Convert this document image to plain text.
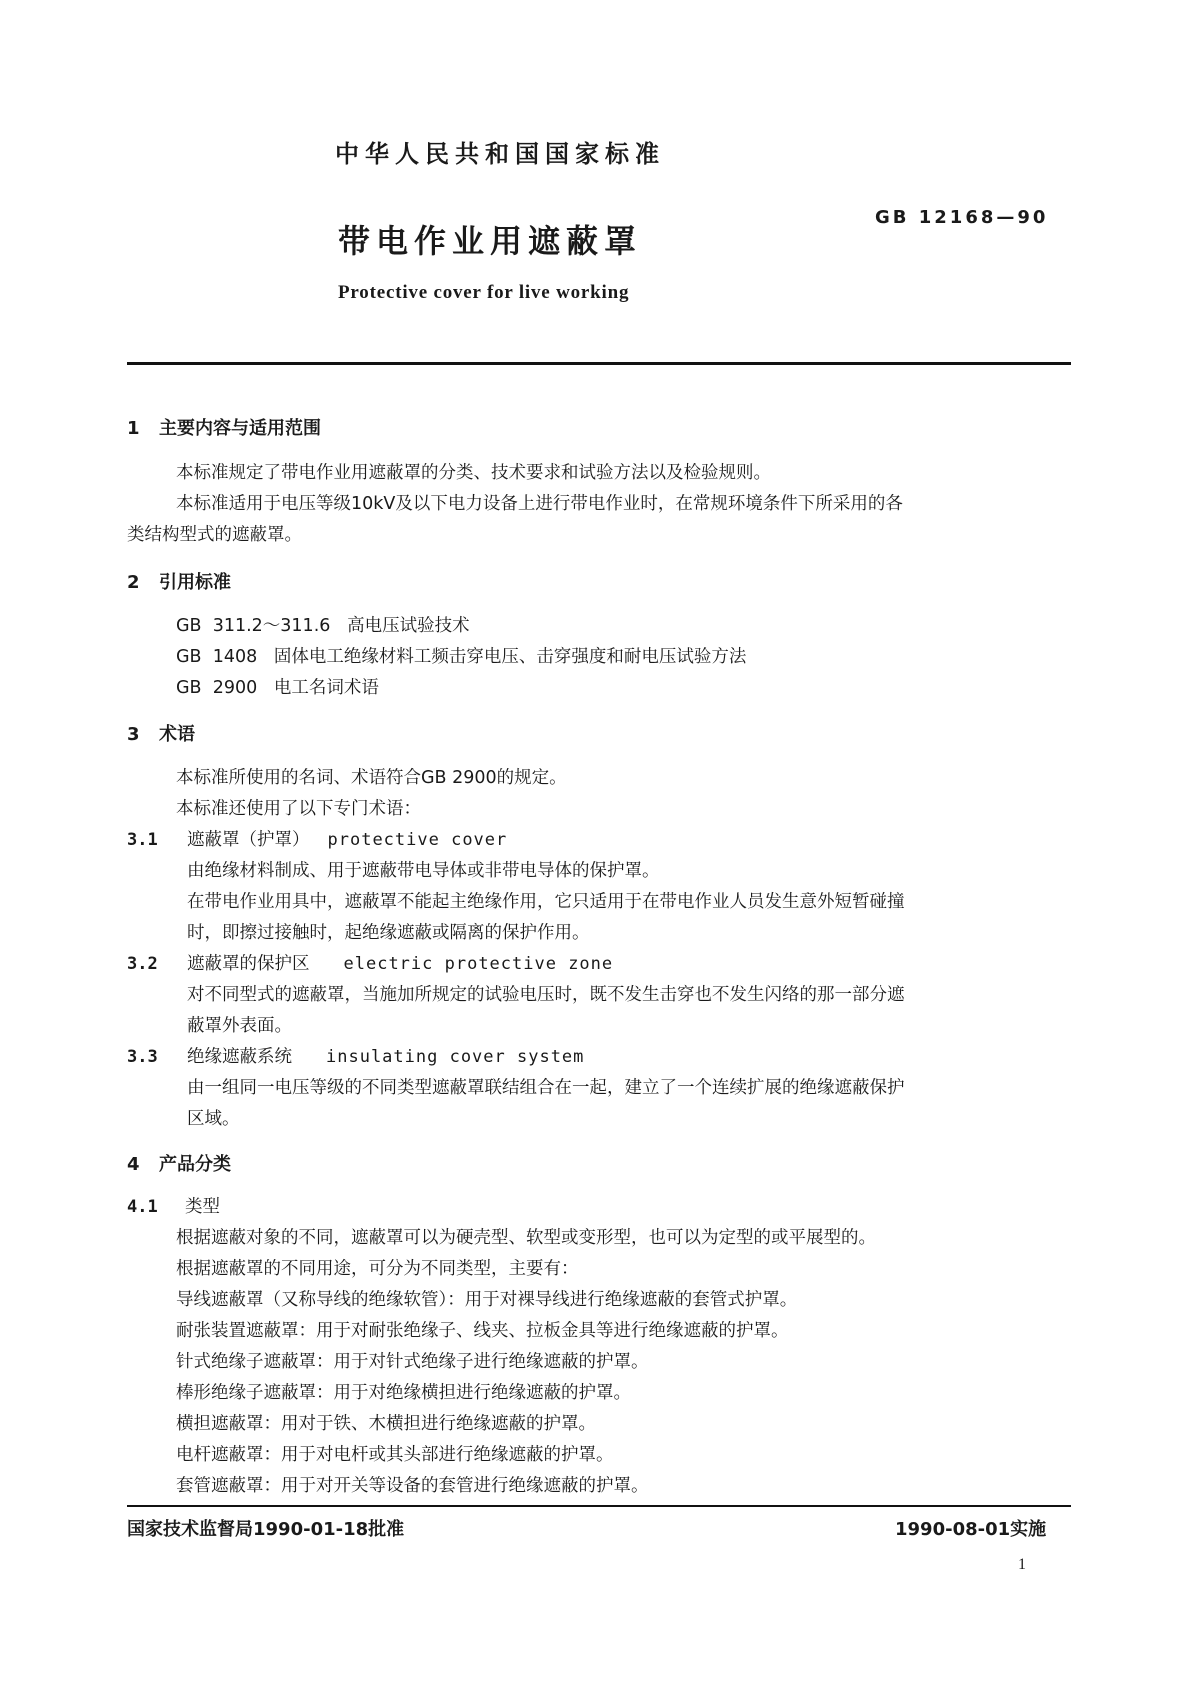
中华人民共和国国家标准
带电作业用遮蔽罩
GB 12168—90
Protective cover for live working
1 主要内容与适用范围
本标准规定了带电作业用遮蔽罩的分类、技术要求和试验方法以及检验规则。
本标准适用于电压等级10kV及以下电力设备上进行带电作业时，在常规环境条件下所采用的各
类结构型式的遮蔽罩。
2 引用标准
GB  311.2～311.6   高电压试验技术
GB  1408   固体电工绝缘材料工频击穿电压、击穿强度和耐电压试验方法
GB  2900   电工名词术语
3 术语
本标准所使用的名词、术语符合GB 2900的规定。
本标准还使用了以下专门术语：
3.1 遮蔽罩（护罩） protective cover
由绝缘材料制成、用于遮蔽带电导体或非带电导体的保护罩。
在带电作业用具中，遮蔽罩不能起主绝缘作用，它只适用于在带电作业人员发生意外短暂碰撞
时，即擦过接触时，起绝缘遮蔽或隔离的保护作用。
3.2 遮蔽罩的保护区 electric protective zone
对不同型式的遮蔽罩，当施加所规定的试验电压时，既不发生击穿也不发生闪络的那一部分遮
蔽罩外表面。
3.3 绝缘遮蔽系统 insulating cover system
由一组同一电压等级的不同类型遮蔽罩联结组合在一起，建立了一个连续扩展的绝缘遮蔽保护
区域。
4 产品分类
4.1 类型
根据遮蔽对象的不同，遮蔽罩可以为硬壳型、软型或变形型，也可以为定型的或平展型的。
根据遮蔽罩的不同用途，可分为不同类型，主要有：
导线遮蔽罩（又称导线的绝缘软管）：用于对裸导线进行绝缘遮蔽的套管式护罩。
耐张装置遮蔽罩：用于对耐张绝缘子、线夹、拉板金具等进行绝缘遮蔽的护罩。
针式绝缘子遮蔽罩：用于对针式绝缘子进行绝缘遮蔽的护罩。
棒形绝缘子遮蔽罩：用于对绝缘横担进行绝缘遮蔽的护罩。
横担遮蔽罩：用对于铁、木横担进行绝缘遮蔽的护罩。
电杆遮蔽罩：用于对电杆或其头部进行绝缘遮蔽的护罩。
套管遮蔽罩：用于对开关等设备的套管进行绝缘遮蔽的护罩。
国家技术监督局1990-01-18批准	1990-08-01实施
1
